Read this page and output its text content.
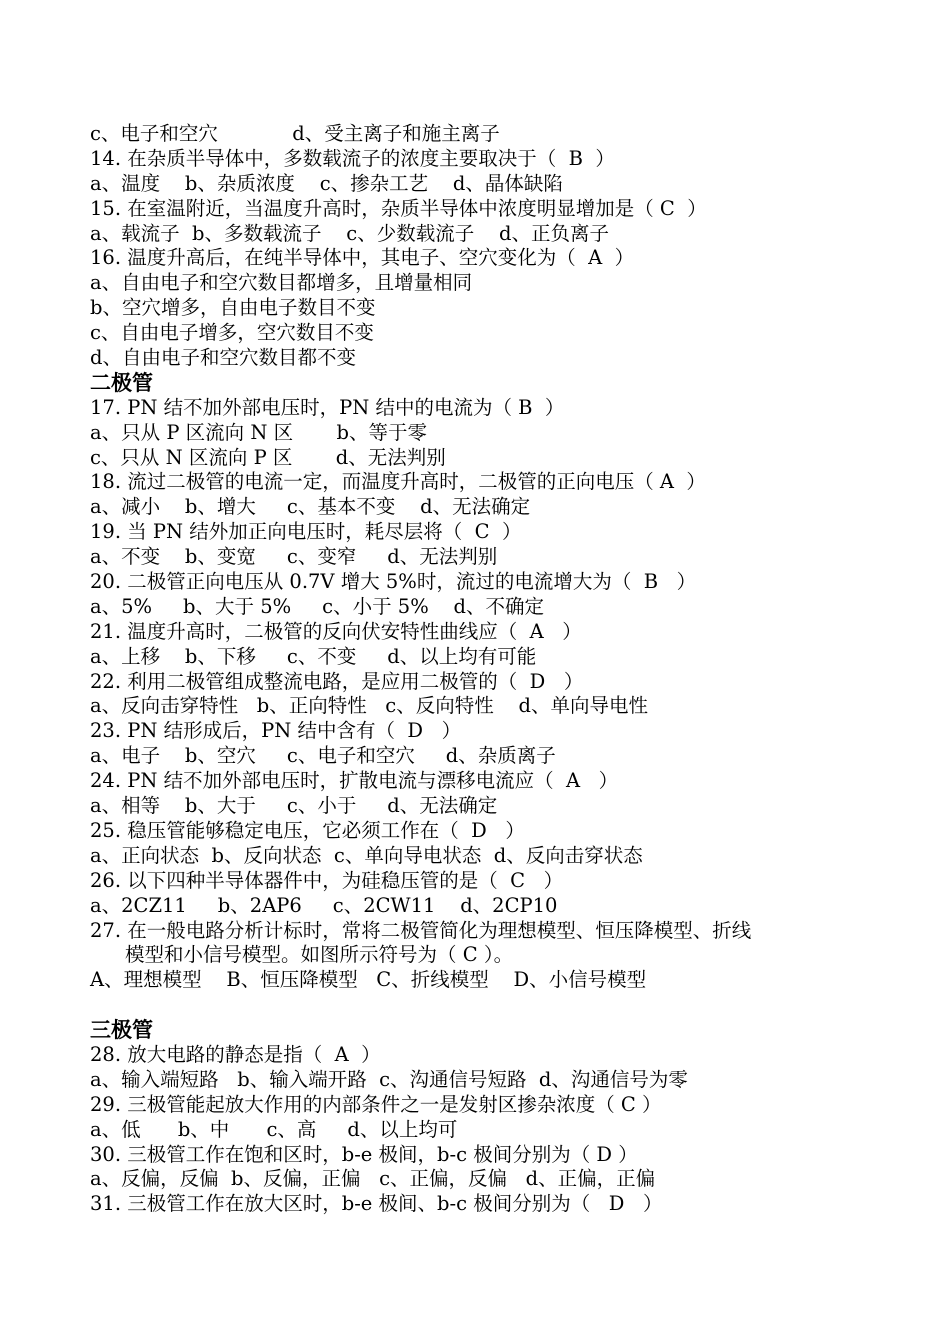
c、电子和空穴            d、受主离子和施主离子
14. 在杂质半导体中，多数载流子的浓度主要取决于（  B  ）
a、温度    b、杂质浓度    c、掺杂工艺    d、晶体缺陷
15. 在室温附近，当温度升高时，杂质半导体中浓度明显增加是（ C  ）
a、载流子  b、多数载流子    c、少数载流子    d、正负离子
16. 温度升高后，在纯半导体中，其电子、空穴变化为（  A  ）
a、自由电子和空穴数目都增多，且增量相同
b、空穴增多，自由电子数目不变
c、自由电子增多，空穴数目不变
d、自由电子和空穴数目都不变
二极管
17. PN 结不加外部电压时，PN 结中的电流为（ B  ）
a、只从 P 区流向 N 区       b、等于零
c、只从 N 区流向 P 区       d、无法判别
18. 流过二极管的电流一定，而温度升高时，二极管的正向电压（ A  ）
a、减小    b、增大     c、基本不变    d、无法确定
19. 当 PN 结外加正向电压时，耗尽层将（  C  ）
a、不变    b、变宽     c、变窄     d、无法判别
20. 二极管正向电压从 0.7V 增大 5%时，流过的电流增大为（  B   ）
a、5%     b、大于 5%     c、小于 5%    d、不确定
21. 温度升高时，二极管的反向伏安特性曲线应（  A   ）
a、上移    b、下移     c、不变     d、以上均有可能
22. 利用二极管组成整流电路，是应用二极管的（  D   ）
a、反向击穿特性   b、正向特性   c、反向特性    d、单向导电性
23. PN 结形成后，PN 结中含有（  D   ）
a、电子    b、空穴     c、电子和空穴     d、杂质离子
24. PN 结不加外部电压时，扩散电流与漂移电流应（  A   ）
a、相等    b、大于     c、小于     d、无法确定
25. 稳压管能够稳定电压，它必须工作在（  D   ）
a、正向状态  b、反向状态  c、单向导电状态  d、反向击穿状态
26. 以下四种半导体器件中，为硅稳压管的是（  C   ）
a、2CZ11     b、2AP6     c、2CW11    d、2CP10
27. 在一般电路分析计标时，常将二极管简化为理想模型、恒压降模型、折线
模型和小信号模型。如图所示符号为（ C ）。
A、理想模型    B、恒压降模型   C、折线模型    D、小信号模型
三极管
28. 放大电路的静态是指（  A  ）
a、输入端短路   b、输入端开路  c、沟通信号短路  d、沟通信号为零
29. 三极管能起放大作用的内部条件之一是发射区掺杂浓度（ C ）
a、低      b、中      c、高     d、以上均可
30. 三极管工作在饱和区时，b-e 极间，b-c 极间分别为（ D ）
a、反偏，反偏  b、反偏，正偏   c、正偏，反偏   d、正偏，正偏
31. 三极管工作在放大区时，b-e 极间、b-c 极间分别为（   D   ）
